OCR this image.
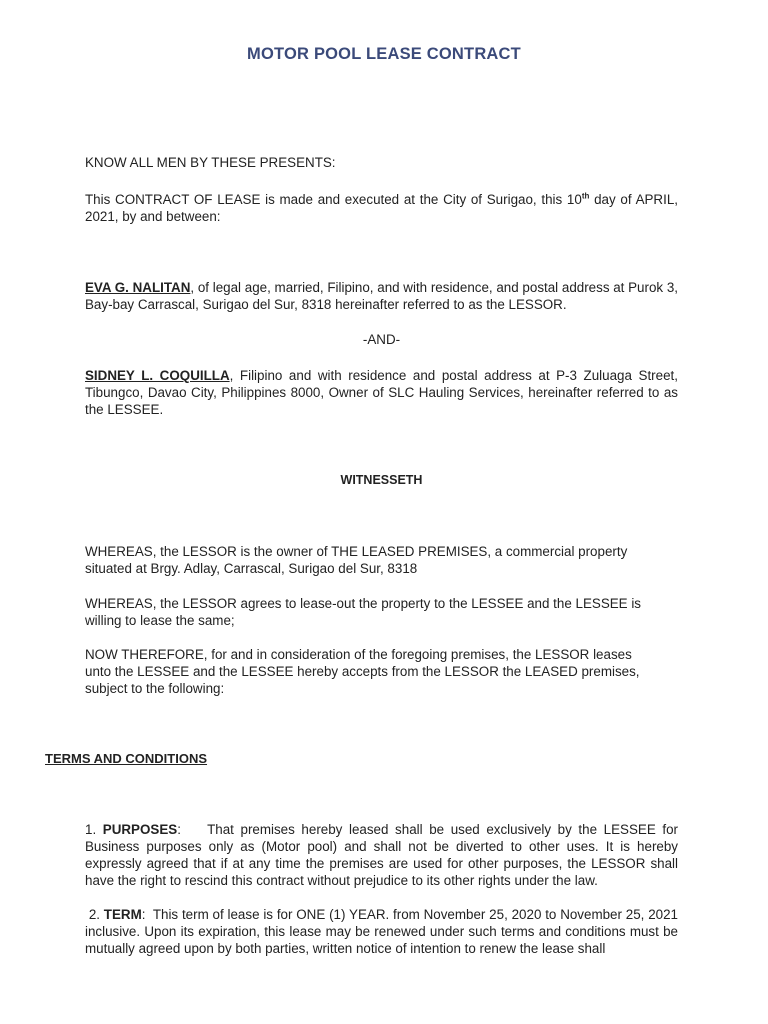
MOTOR POOL LEASE CONTRACT

KNOW ALL MEN BY THESE PRESENTS:

This CONTRACT OF LEASE is made and executed at the City of Surigao, this 10th day of APRIL, 2021, by and between:

EVA G. NALITAN, of legal age, married, Filipino, and with residence, and postal address at Purok 3, Bay-bay Carrascal, Surigao del Sur, 8318 hereinafter referred to as the LESSOR.

-AND-

SIDNEY L. COQUILLA, Filipino and with residence and postal address at P-3 Zuluaga Street, Tibungco, Davao City, Philippines 8000, Owner of SLC Hauling Services, hereinafter referred to as the LESSEE.

WITNESSETH

WHEREAS, the LESSOR is the owner of THE LEASED PREMISES, a commercial property situated at Brgy. Adlay, Carrascal, Surigao del Sur, 8318

WHEREAS, the LESSOR agrees to lease-out the property to the LESSEE and the LESSEE is willing to lease the same;

NOW THEREFORE, for and in consideration of the foregoing premises, the LESSOR leases unto the LESSEE and the LESSEE hereby accepts from the LESSOR the LEASED premises, subject to the following:

TERMS AND CONDITIONS

1. PURPOSES:    That premises hereby leased shall be used exclusively by the LESSEE for Business purposes only as (Motor pool) and shall not be diverted to other uses. It is hereby expressly agreed that if at any time the premises are used for other purposes, the LESSOR shall have the right to rescind this contract without prejudice to its other rights under the law.

2. TERM:  This term of lease is for ONE (1) YEAR. from November 25, 2020 to November 25, 2021 inclusive. Upon its expiration, this lease may be renewed under such terms and conditions must be mutually agreed upon by both parties, written notice of intention to renew the lease shall
